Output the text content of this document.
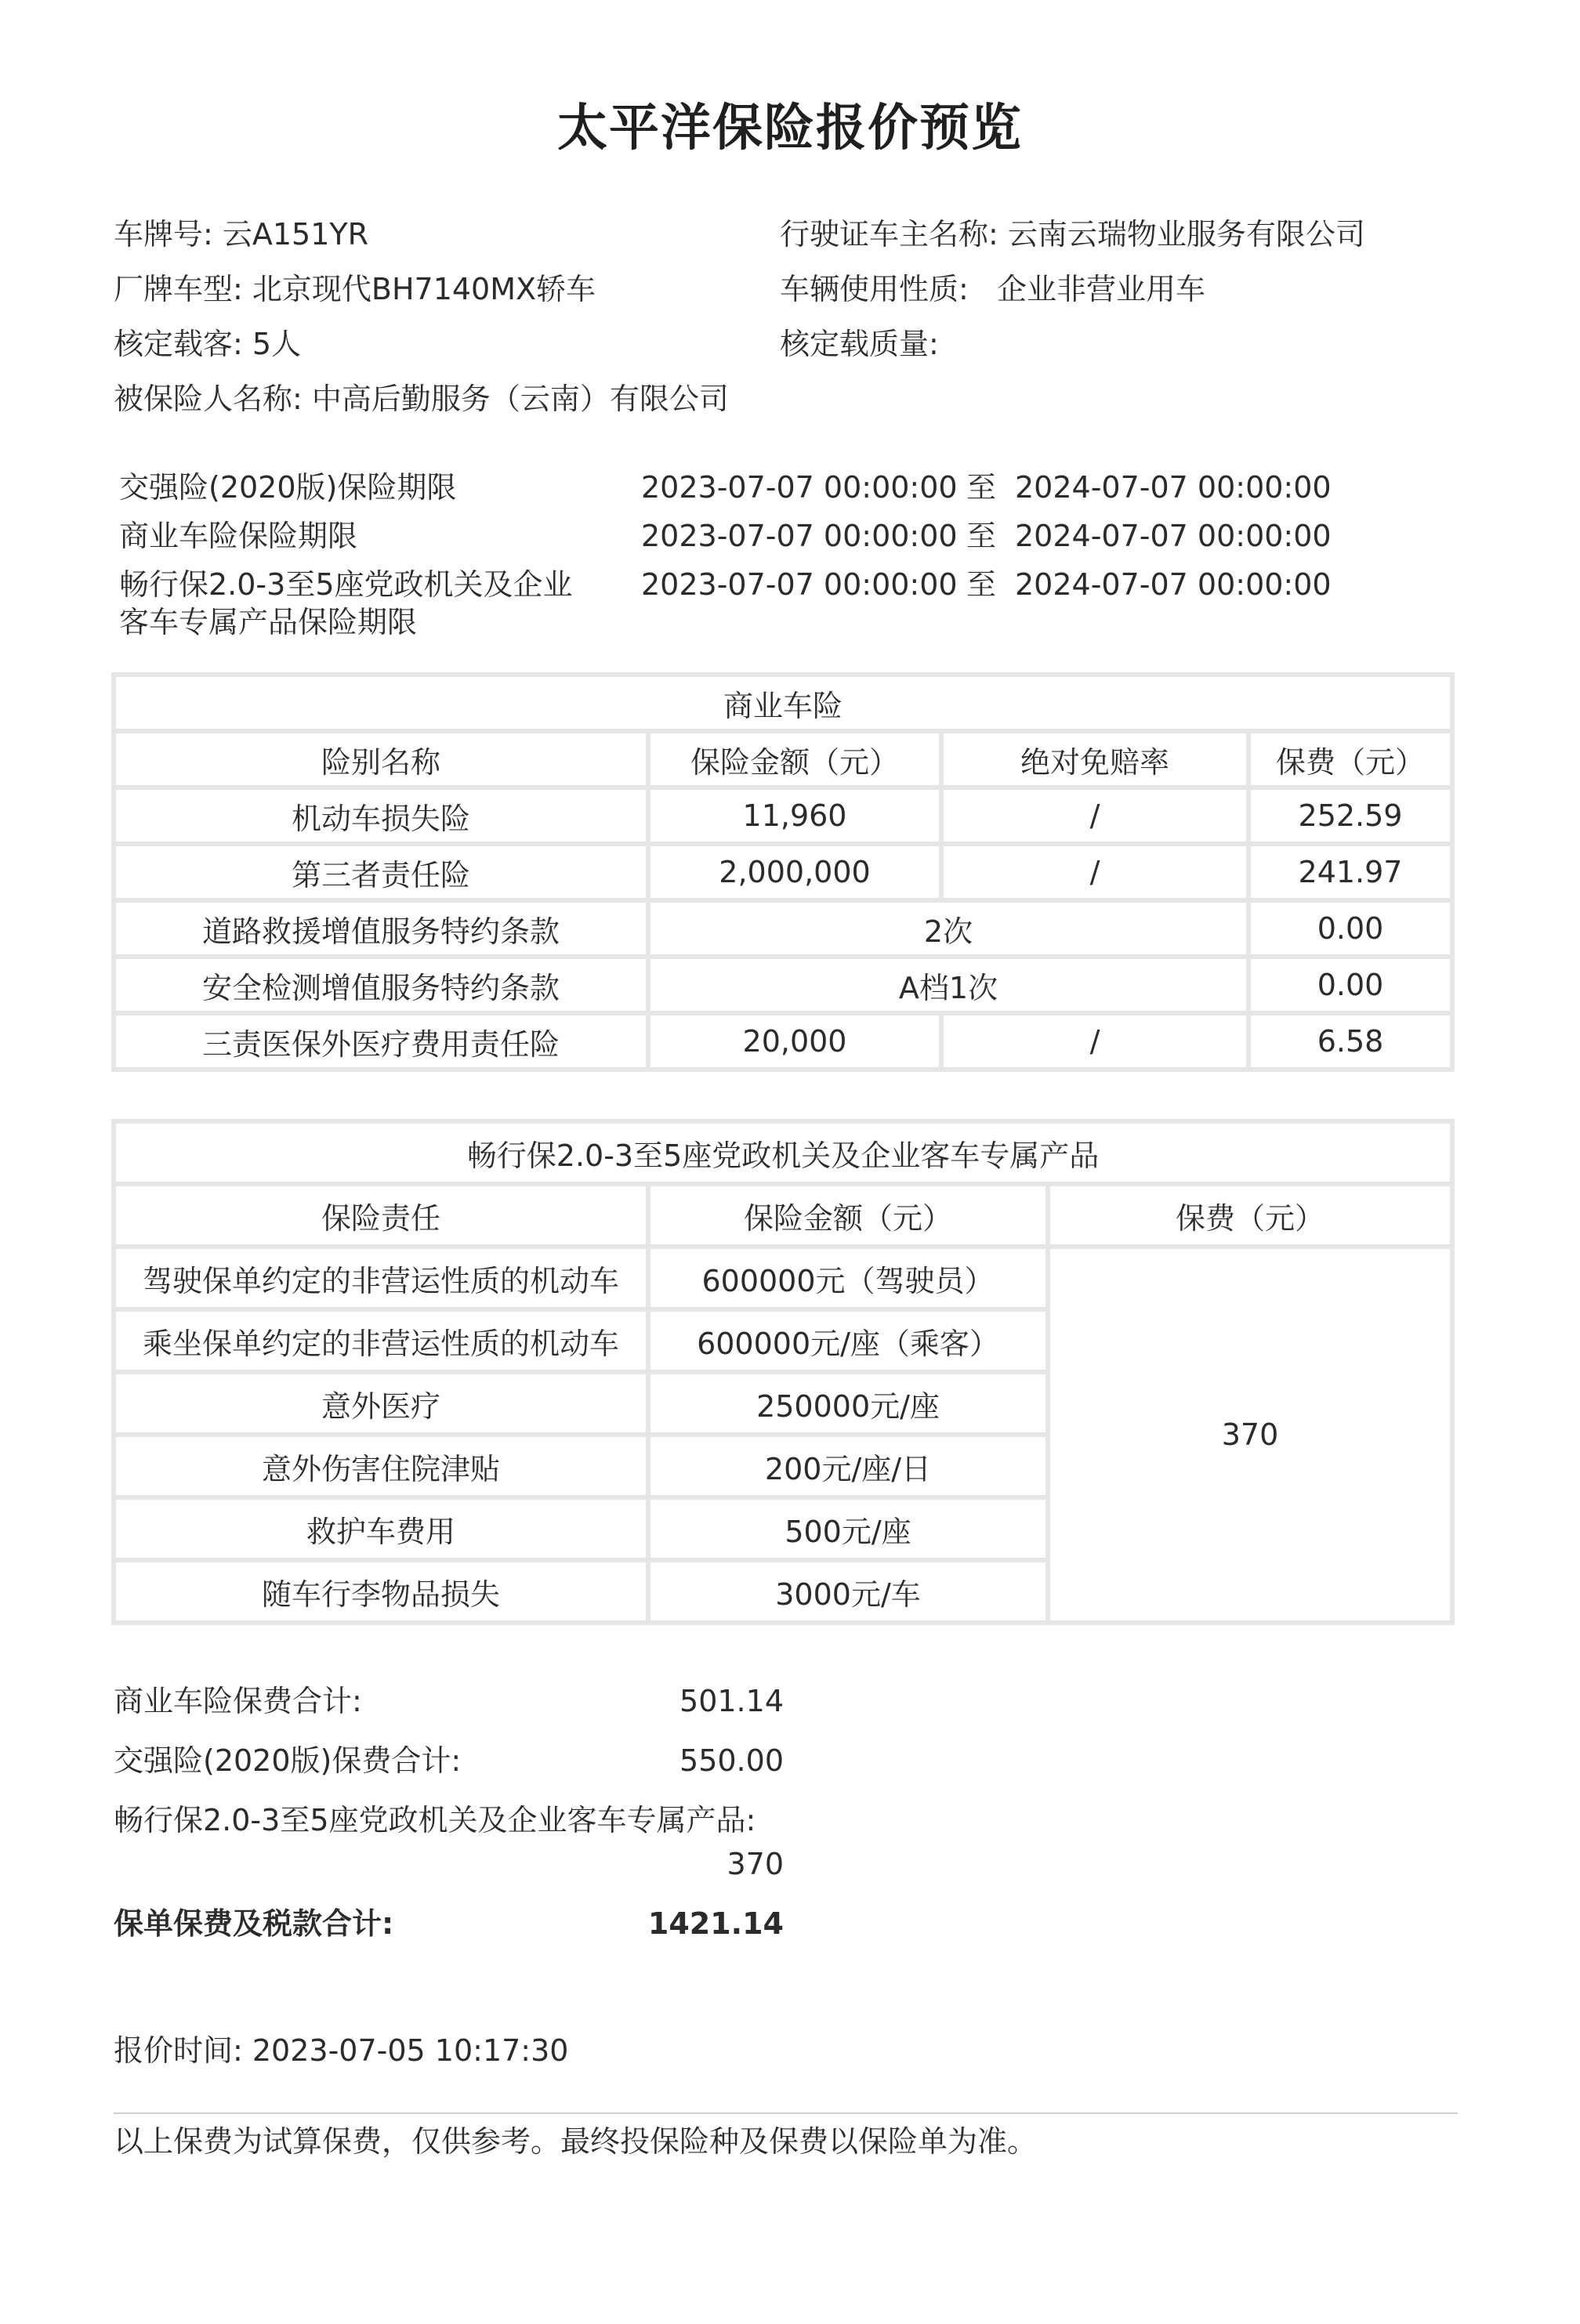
太平洋保险报价预览
车牌号: 云A151YR	行驶证车主名称: 云南云瑞物业服务有限公司
厂牌车型: 北京现代BH7140MX轿车	车辆使用性质:   企业非营业用车
核定载客: 5人	核定载质量:
被保险人名称: 中高后勤服务（云南）有限公司
交强险(2020版)保险期限	2023-07-07 00:00:00 至 2024-07-07 00:00:00
商业车险保险期限	2023-07-07 00:00:00 至 2024-07-07 00:00:00
畅行保2.0-3至5座党政机关及企业客车专属产品保险期限
2023-07-07 00:00:00 至 2024-07-07 00:00:00
商业车险			
险别名称	保险金额（元）	绝对免赔率	保费（元）
机动车损失险	11,960	/	252.59
第三者责任险	2,000,000	/	241.97
道路救援增值服务特约条款	2次		0.00
安全检测增值服务特约条款	A档1次		0.00
三责医保外医疗费用责任险	20,000	/	6.58
畅行保2.0-3至5座党政机关及企业客车专属产品		
保险责任	保险金额（元）	保费（元）
驾驶保单约定的非营运性质的机动车	600000元（驾驶员）	370
乘坐保单约定的非营运性质的机动车	600000元/座（乘客）	
意外医疗	250000元/座	
意外伤害住院津贴	200元/座/日	
救护车费用	500元/座	
随车行李物品损失	3000元/车	
商业车险保费合计:	501.14
交强险(2020版)保费合计:	550.00
畅行保2.0-3至5座党政机关及企业客车专属产品:
370
保单保费及税款合计:	1421.14
报价时间: 2023-07-05 10:17:30
以上保费为试算保费，仅供参考。最终投保险种及保费以保险单为准。
